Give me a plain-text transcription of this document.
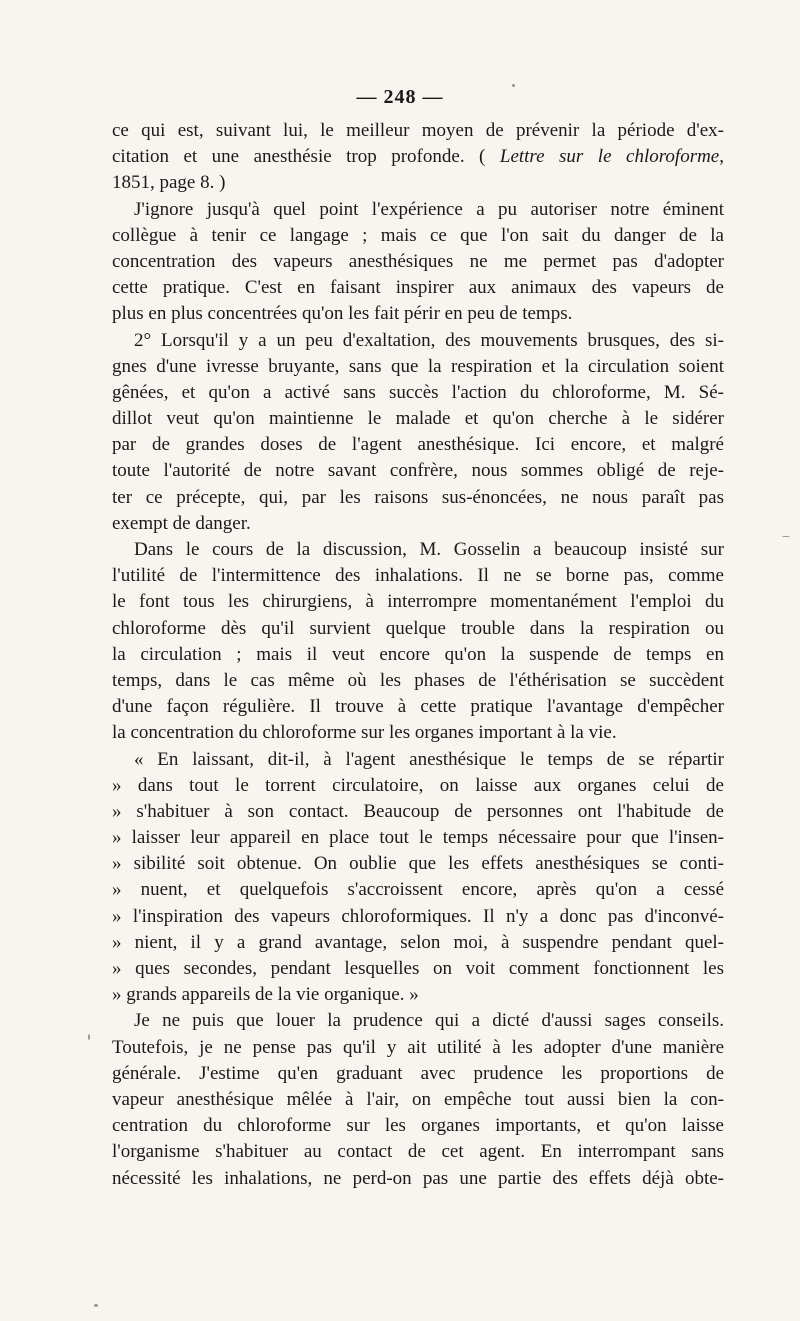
— 248 —
ce qui est, suivant lui, le meilleur moyen de prévenir la période d'ex-
citation et une anesthésie trop profonde. ( Lettre sur le chloroforme,
1851, page 8. )
J'ignore jusqu'à quel point l'expérience a pu autoriser notre éminent
collègue à tenir ce langage ; mais ce que l'on sait du danger de la
concentration des vapeurs anesthésiques ne me permet pas d'adopter
cette pratique. C'est en faisant inspirer aux animaux des vapeurs de
plus en plus concentrées qu'on les fait périr en peu de temps.
2° Lorsqu'il y a un peu d'exaltation, des mouvements brusques, des si-
gnes d'une ivresse bruyante, sans que la respiration et la circulation soient
gênées, et qu'on a activé sans succès l'action du chloroforme, M. Sé-
dillot veut qu'on maintienne le malade et qu'on cherche à le sidérer
par de grandes doses de l'agent anesthésique. Ici encore, et malgré
toute l'autorité de notre savant confrère, nous sommes obligé de reje-
ter ce précepte, qui, par les raisons sus-énoncées, ne nous paraît pas
exempt de danger.
Dans le cours de la discussion, M. Gosselin a beaucoup insisté sur
l'utilité de l'intermittence des inhalations. Il ne se borne pas, comme
le font tous les chirurgiens, à interrompre momentanément l'emploi du
chloroforme dès qu'il survient quelque trouble dans la respiration ou
la circulation ; mais il veut encore qu'on la suspende de temps en
temps, dans le cas même où les phases de l'éthérisation se succèdent
d'une façon régulière. Il trouve à cette pratique l'avantage d'empêcher
la concentration du chloroforme sur les organes important à la vie.
« En laissant, dit-il, à l'agent anesthésique le temps de se répartir
» dans tout le torrent circulatoire, on laisse aux organes celui de
» s'habituer à son contact. Beaucoup de personnes ont l'habitude de
» laisser leur appareil en place tout le temps nécessaire pour que l'insen-
» sibilité soit obtenue. On oublie que les effets anesthésiques se conti-
» nuent, et quelquefois s'accroissent encore, après qu'on a cessé
» l'inspiration des vapeurs chloroformiques. Il n'y a donc pas d'inconvé-
» nient, il y a grand avantage, selon moi, à suspendre pendant quel-
» ques secondes, pendant lesquelles on voit comment fonctionnent les
» grands appareils de la vie organique. »
Je ne puis que louer la prudence qui a dicté d'aussi sages conseils.
Toutefois, je ne pense pas qu'il y ait utilité à les adopter d'une manière
générale. J'estime qu'en graduant avec prudence les proportions de
vapeur anesthésique mêlée à l'air, on empêche tout aussi bien la con-
centration du chloroforme sur les organes importants, et qu'on laisse
l'organisme s'habituer au contact de cet agent. En interrompant sans
nécessité les inhalations, ne perd-on pas une partie des effets déjà obte-
